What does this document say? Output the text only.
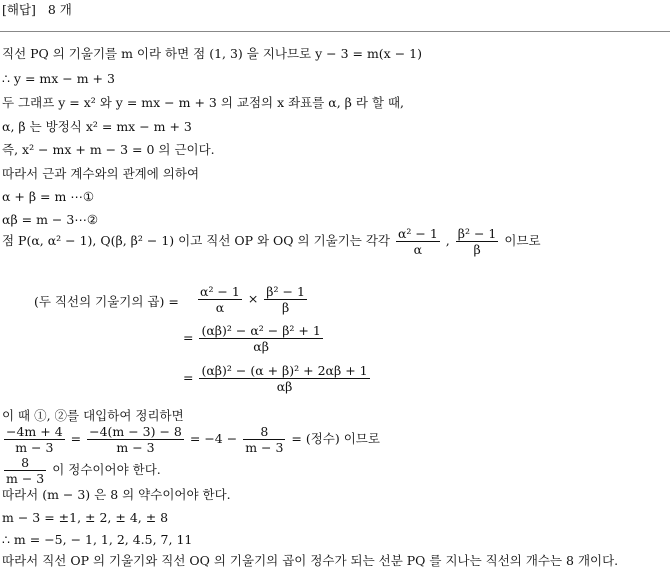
[해답] 8 개
직선 PQ 의 기울기를 m 이라 하면 점 (1, 3) 을 지나므로 y − 3 = m(x − 1)
∴ y = mx − m + 3
두 그래프 y = x² 와 y = mx − m + 3 의 교점의 x 좌표를 α, β 라 할 때,
α, β 는 방정식 x² = mx − m + 3
즉, x² − mx + m − 3 = 0 의 근이다.
따라서 근과 계수와의 관계에 의하여
α + β = m ⋯①
αβ = m − 3⋯②
점 P(α, α² − 1), Q(β, β² − 1) 이고 직선 OP 와 OQ 의 기울기는 각각 $\frac{\text{α² − 1}}{\alpha}$ , $\frac{\text{β² − 1}}{\beta}$ 이므로
(두 직선의 기울기의 곱) = $\frac{\text{α² − 1}}{\alpha} \times \frac{\text{β² − 1}}{\beta}$
= $\frac{\text{(αβ)² − α² − β² + 1}}{\alpha\beta}$
= $\frac{\text{(αβ)² − (α + β)² + 2αβ + 1}}{\alpha\beta}$
이 때 ①, ②를 대입하여 정리하면
$\frac{-4m + 4}{m - 3} = \frac{-4(m - 3) - 8}{m - 3} = -4 - \frac{8}{m - 3}$ = (정수) 이므로
$\frac{8}{m - 3}$ 이 정수이어야 한다.
따라서 (m − 3) 은 8 의 약수이어야 한다.
m − 3 = ±1, ± 2, ± 4, ± 8
∴ m = −5, − 1, 1, 2, 4.5, 7, 11
따라서 직선 OP 의 기울기와 직선 OQ 의 기울기의 곱이 정수가 되는 선분 PQ 를 지나는 직선의 개수는 8 개이다.
